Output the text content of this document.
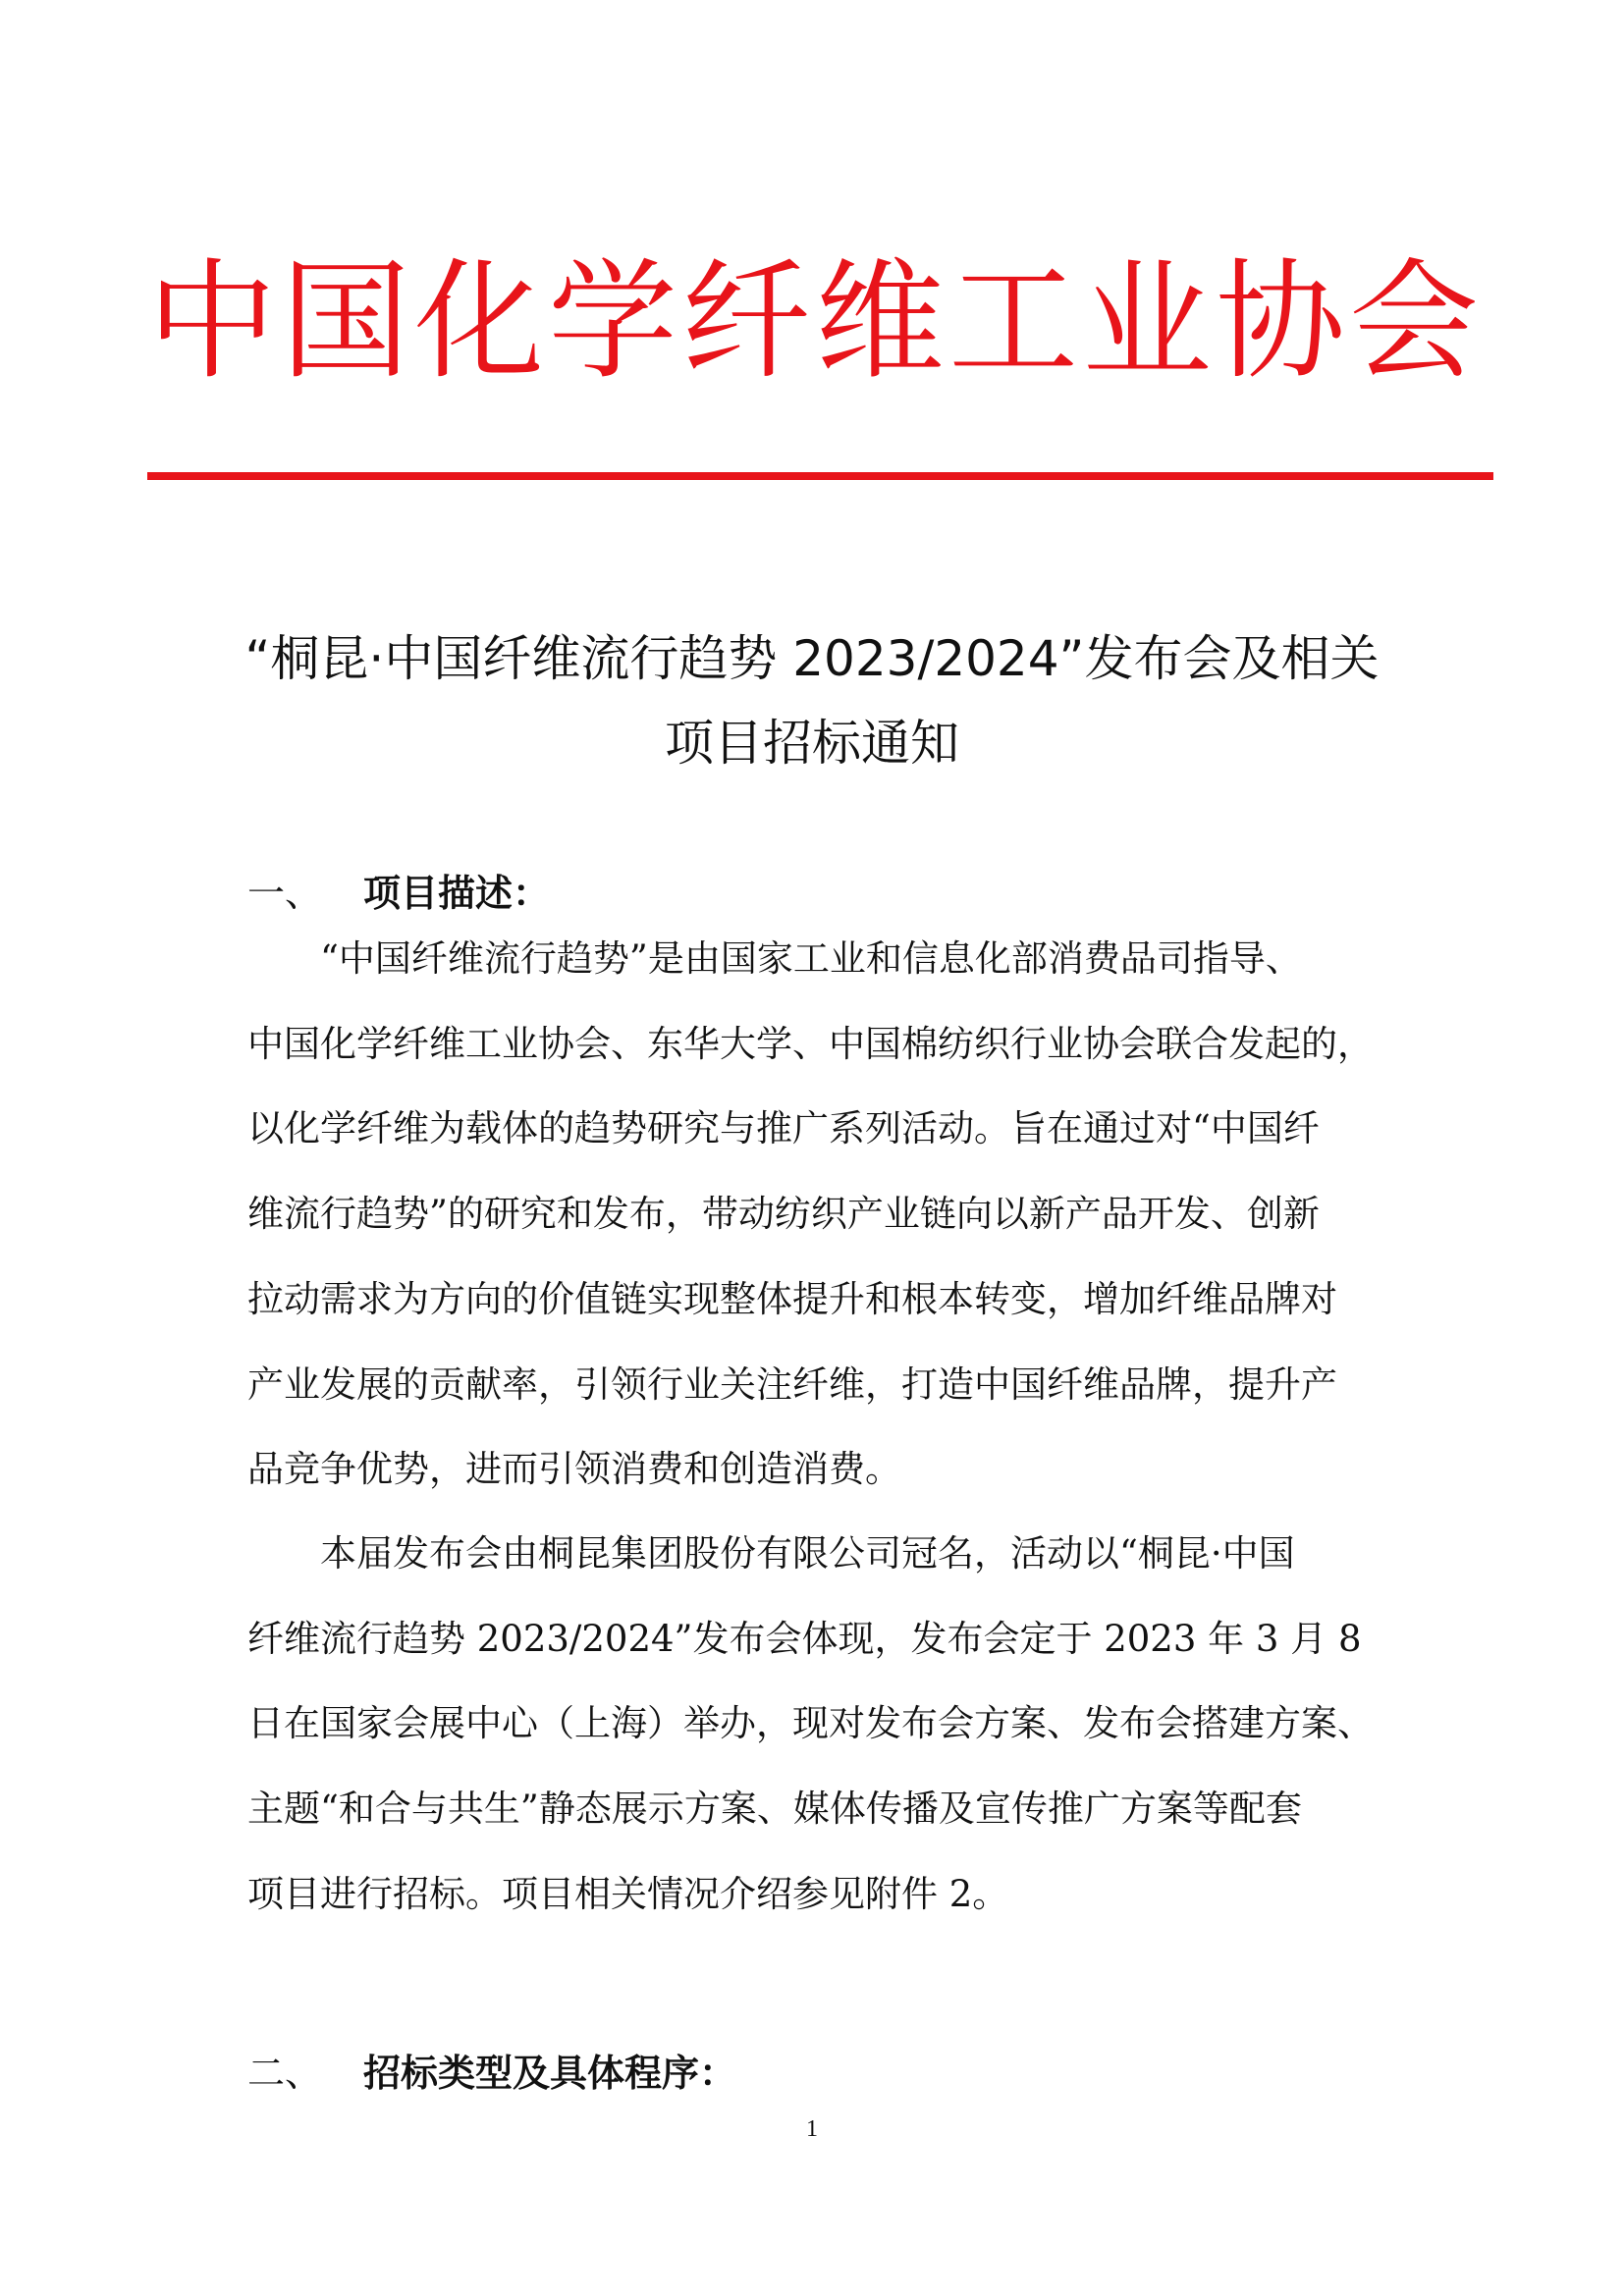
中国化学纤维工业协会
“桐昆·中国纤维流行趋势 2023/2024”发布会及相关
项目招标通知
一、 项目描述：
　　“中国纤维流行趋势”是由国家工业和信息化部消费品司指导、
中国化学纤维工业协会、东华大学、中国棉纺织行业协会联合发起的，
以化学纤维为载体的趋势研究与推广系列活动。旨在通过对“中国纤
维流行趋势”的研究和发布，带动纺织产业链向以新产品开发、创新
拉动需求为方向的价值链实现整体提升和根本转变，增加纤维品牌对
产业发展的贡献率，引领行业关注纤维，打造中国纤维品牌，提升产
品竞争优势，进而引领消费和创造消费。
　　本届发布会由桐昆集团股份有限公司冠名，活动以“桐昆·中国
纤维流行趋势 2023/2024”发布会体现，发布会定于 2023 年 3 月 8
日在国家会展中心（上海）举办，现对发布会方案、发布会搭建方案、
主题“和合与共生”静态展示方案、媒体传播及宣传推广方案等配套
项目进行招标。项目相关情况介绍参见附件 2。
二、 招标类型及具体程序：
1
